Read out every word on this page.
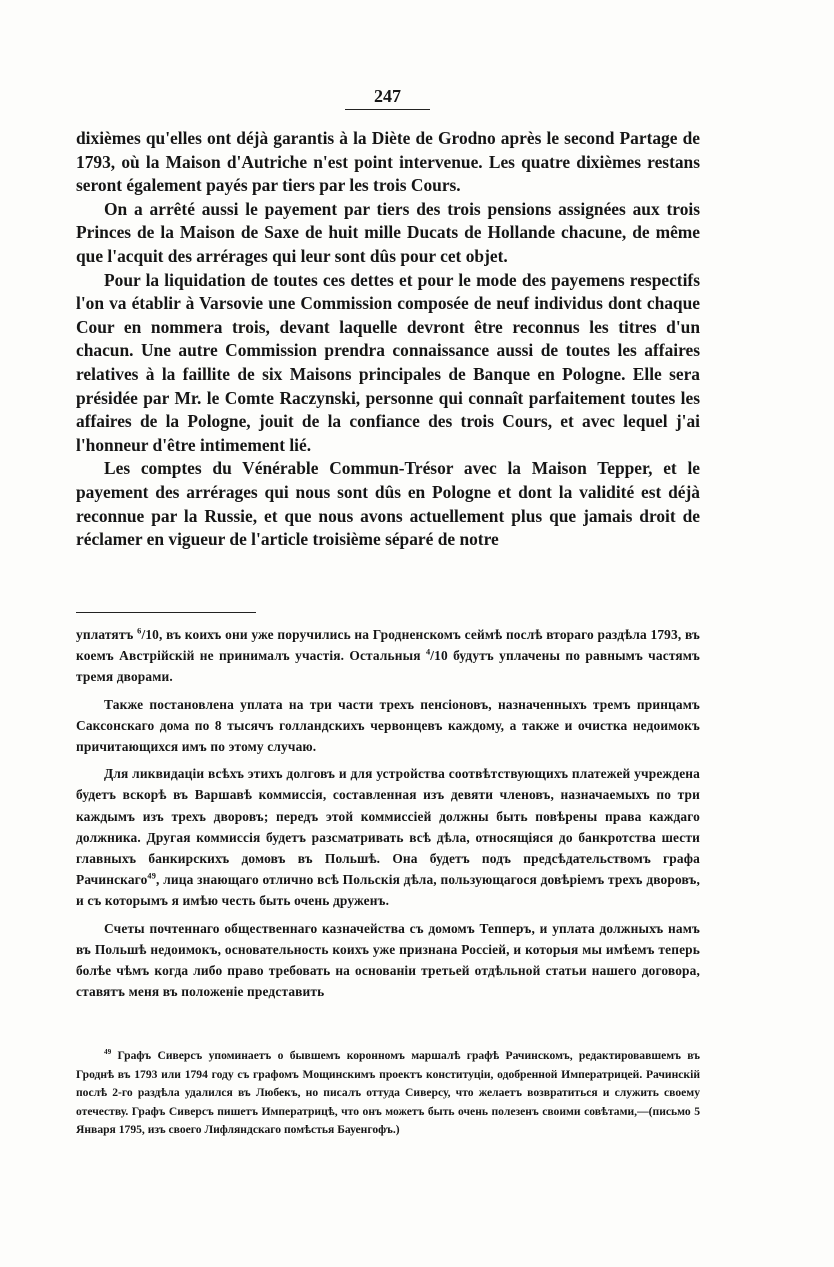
247

dixièmes qu'elles ont déjà garantis à la Diète de Grodno après le second Partage de 1793, où la Maison d'Autriche n'est point intervenue. Les quatre dixièmes restans seront également payés par tiers par les trois Cours.

On a arrêté aussi le payement par tiers des trois pensions assignées aux trois Princes de la Maison de Saxe de huit mille Ducats de Hollande chacune, de même que l'acquit des arrérages qui leur sont dûs pour cet objet.

Pour la liquidation de toutes ces dettes et pour le mode des payemens respectifs l'on va établir à Varsovie une Commission composée de neuf individus dont chaque Cour en nommera trois, devant laquelle devront être reconnus les titres d'un chacun. Une autre Commission prendra connaissance aussi de toutes les affaires relatives à la faillite de six Maisons principales de Banque en Pologne. Elle sera présidée par Mr. le Comte Raczynski, personne qui connaît parfaitement toutes les affaires de la Pologne, jouit de la confiance des trois Cours, et avec lequel j'ai l'honneur d'être intimement lié.

Les comptes du Vénérable Commun-Trésor avec la Maison Tepper, et le payement des arrérages qui nous sont dûs en Pologne et dont la validité est déjà reconnue par la Russie, et que nous avons actuellement plus que jamais droit de réclamer en vigueur de l'article troisième séparé de notre

уплатятъ $^6$/10, въ коихъ они уже поручились на Гродненскомъ сеймѣ послѣ втораго раздѣла 1793, въ коемъ Австрійскій не принималъ участія. Остальныя $^4$/10 будутъ уплачены по равнымъ частямъ тремя дворами.

Также постановлена уплата на три части трехъ пенсіоновъ, назначенныхъ тремъ принцамъ Саксонскаго дома по 8 тысячъ голландскихъ червонцевъ каждому, а также и очистка недоимокъ причитающихся имъ по этому случаю.

Для ликвидаціи всѣхъ этихъ долговъ и для устройства соотвѣтствующихъ платежей учреждена будетъ вскорѣ въ Варшавѣ коммиссія, составленная изъ девяти членовъ, назначаемыхъ по три каждымъ изъ трехъ дворовъ; передъ этой коммиссіей должны быть повѣрены права каждаго должника. Другая коммиссія будетъ разсматривать всѣ дѣла, относящіяся до банкротства шести главныхъ банкирскихъ домовъ въ Польшѣ. Она будетъ подъ предсѣдательствомъ графа Рачинскаго$^{49}$, лица знающаго отлично всѣ Польскія дѣла, пользующагося довѣріемъ трехъ дворовъ, и съ которымъ я имѣю честь быть очень друженъ.

Счеты почтеннаго общественнаго казначейства съ домомъ Тепперъ, и уплата должныхъ намъ въ Польшѣ недоимокъ, основательность коихъ уже признана Россіей, и которыя мы имѣемъ теперь болѣе чѣмъ когда либо право требовать на основаніи третьей отдѣльной статьи нашего договора, ставятъ меня въ положеніе представить

$^{49}$ Графъ Сиверсъ упоминаетъ о бывшемъ коронномъ маршалѣ графѣ Рачинскомъ, редактировавшемъ въ Гроднѣ въ 1793 или 1794 году съ графомъ Мощинскимъ проектъ конституціи, одобренной Императрицей. Рачинскій послѣ 2-го раздѣла удалился въ Любекъ, но писалъ оттуда Сиверсу, что желаетъ возвратиться и служить своему отечеству. Графъ Сиверсъ пишетъ Императрицѣ, что онъ можетъ быть очень полезенъ своими совѣтами,—(письмо 5 Января 1795, изъ своего Лифляндскаго помѣстья Бауенгофъ.)
